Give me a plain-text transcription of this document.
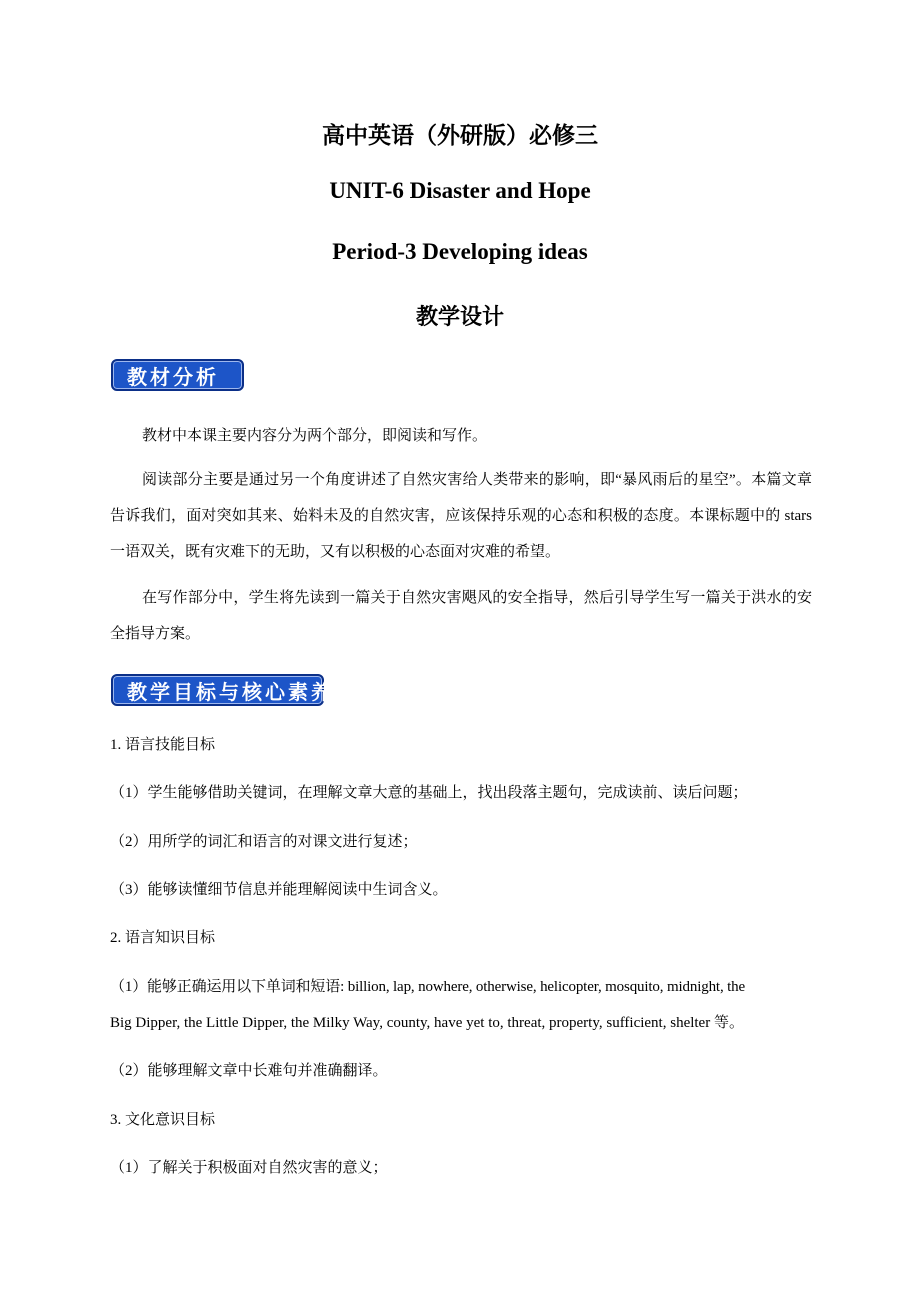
高中英语（外研版）必修三
UNIT-6 Disaster and Hope
Period-3 Developing ideas
教学设计
教材分析
教材中本课主要内容分为两个部分，即阅读和写作。
阅读部分主要是通过另一个角度讲述了自然灾害给人类带来的影响，即“暴风雨后的星空”。本篇文章告诉我们，面对突如其来、始料未及的自然灾害，应该保持乐观的心态和积极的态度。本课标题中的 stars 一语双关，既有灾难下的无助，又有以积极的心态面对灾难的希望。
在写作部分中，学生将先读到一篇关于自然灾害飓风的安全指导，然后引导学生写一篇关于洪水的安全指导方案。
教学目标与核心素养
1. 语言技能目标
（1）学生能够借助关键词，在理解文章大意的基础上，找出段落主题句，完成读前、读后问题；
（2）用所学的词汇和语言的对课文进行复述；
（3）能够读懂细节信息并能理解阅读中生词含义。
2. 语言知识目标
（1）能够正确运用以下单词和短语: billion, lap, nowhere, otherwise, helicopter, mosquito, midnight, the
Big Dipper, the Little Dipper, the Milky Way, county, have yet to, threat, property, sufficient, shelter 等。
（2）能够理解文章中长难句并准确翻译。
3. 文化意识目标
（1）了解关于积极面对自然灾害的意义；
